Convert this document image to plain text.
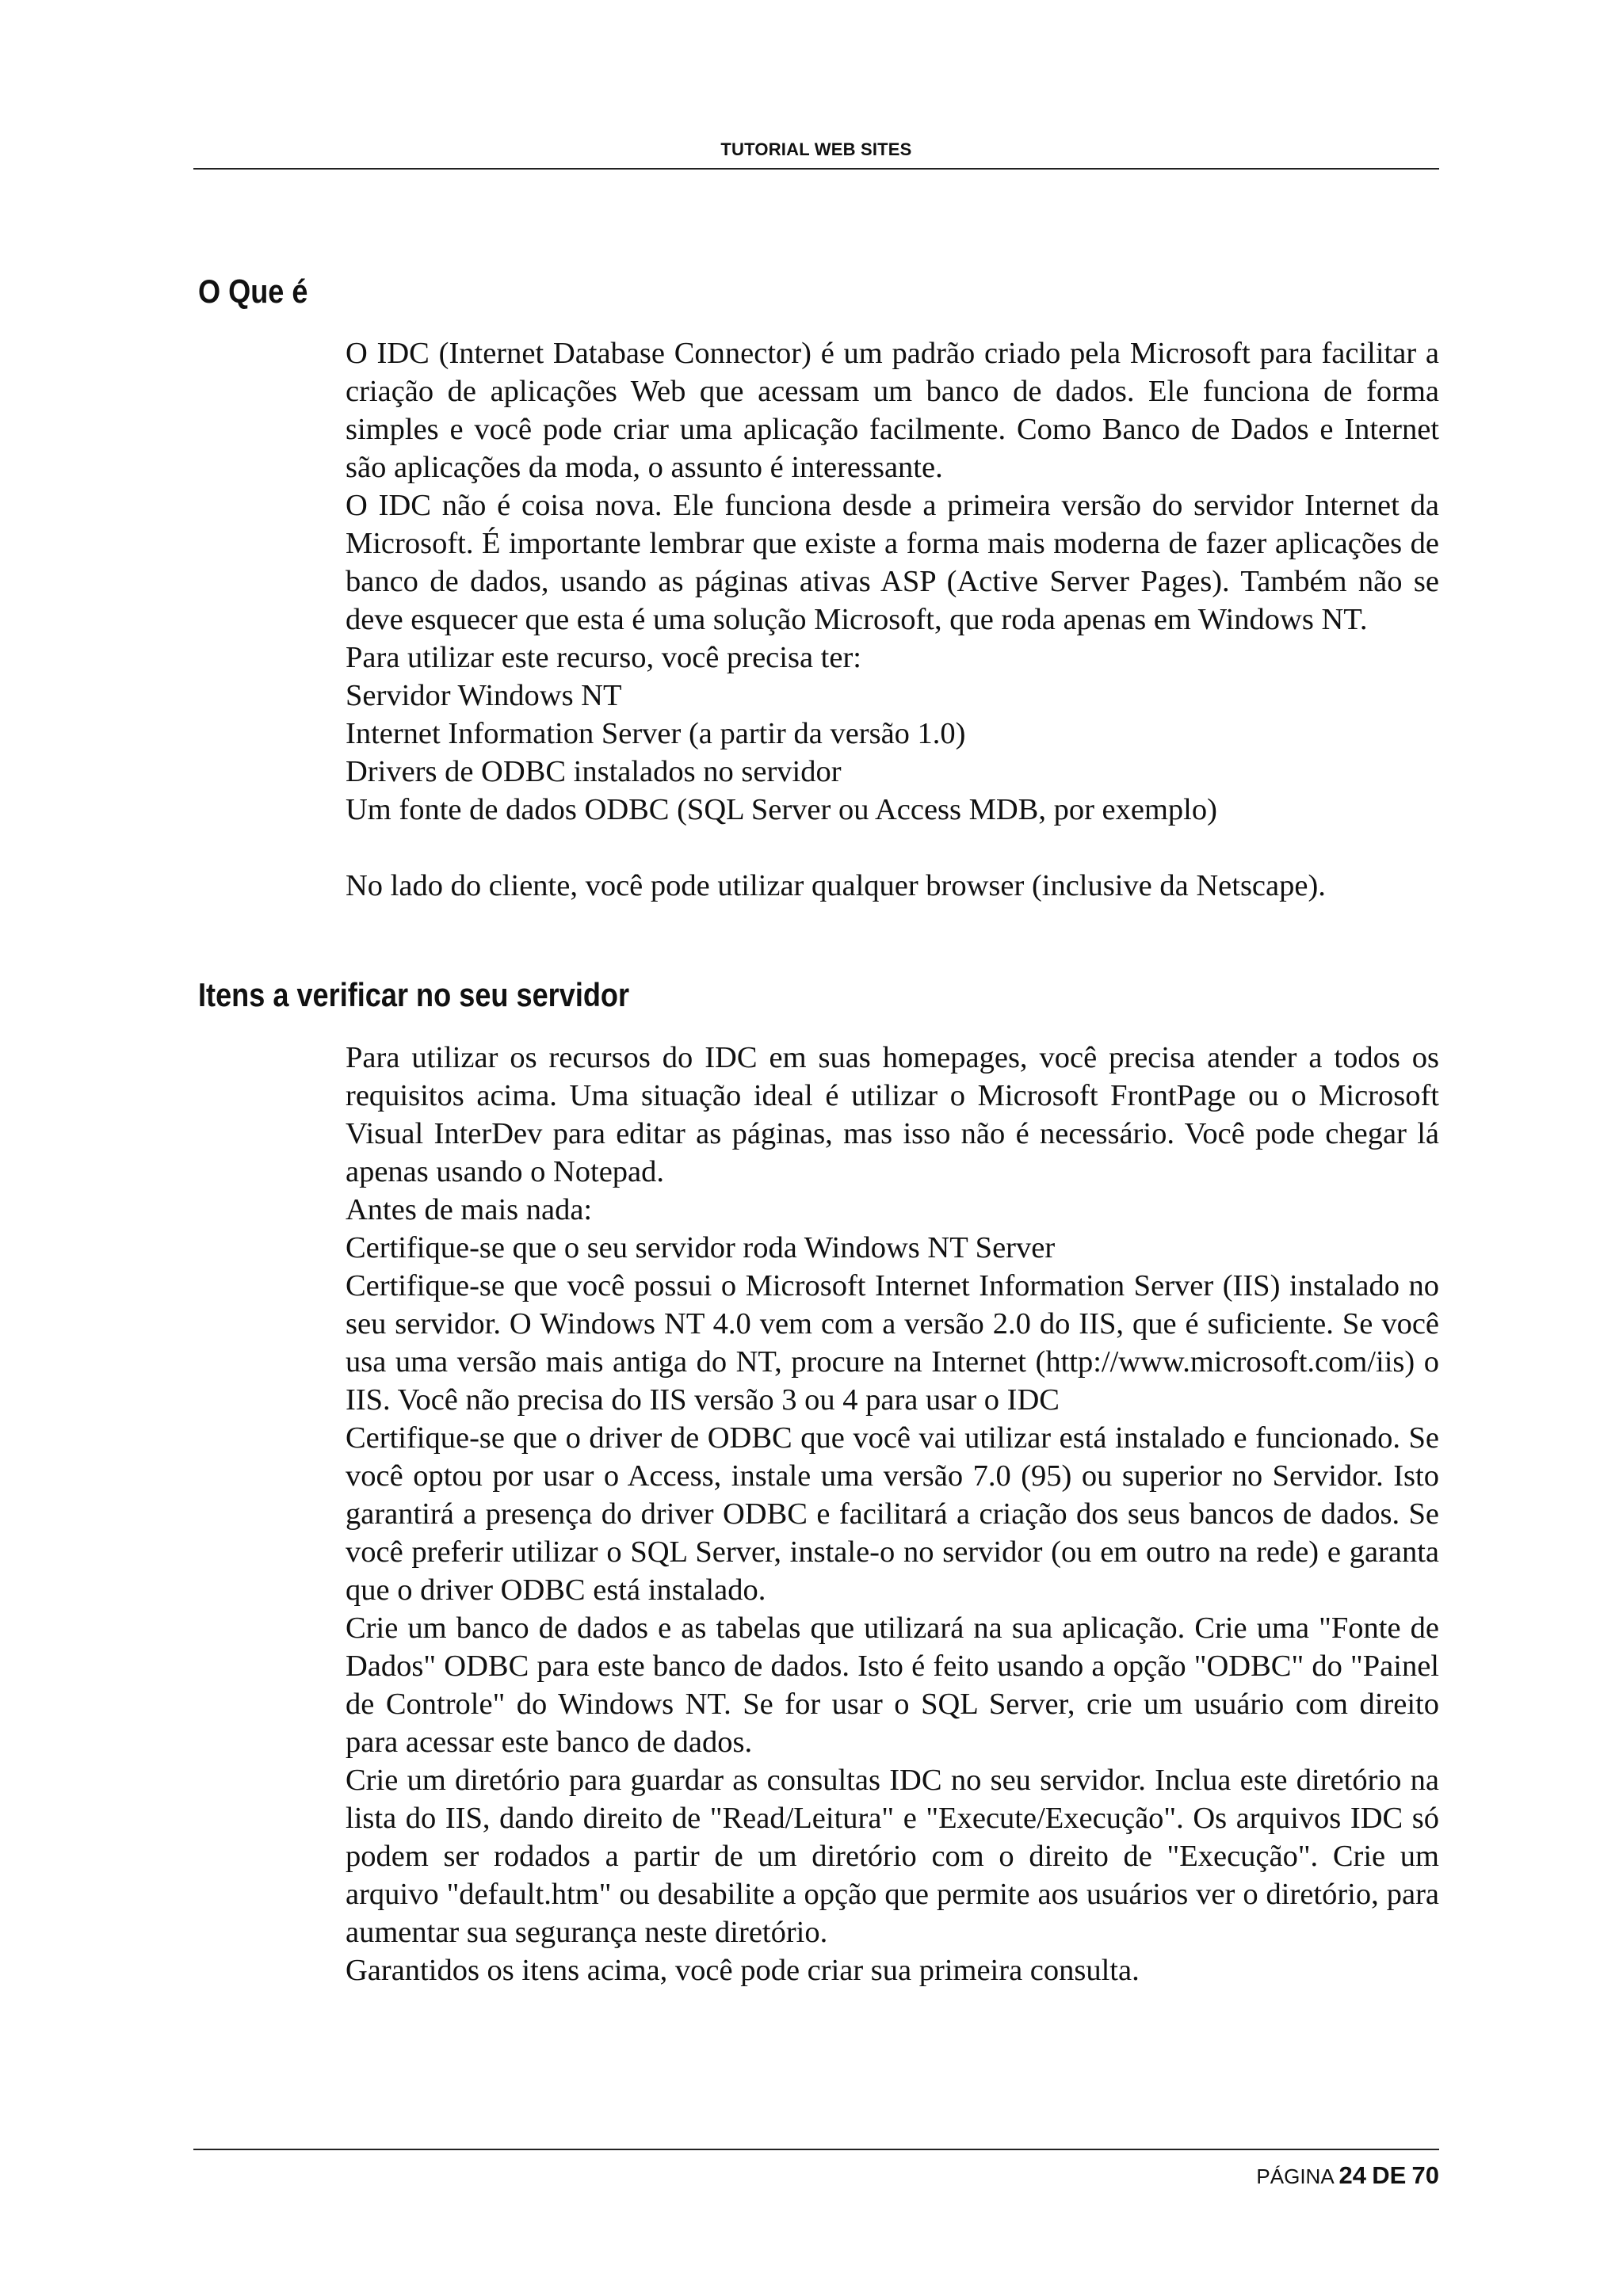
TUTORIAL WEB SITES
O Que é

O IDC (Internet Database Connector) é um padrão criado pela Microsoft para facilitar a criação de aplicações Web que acessam um banco de dados. Ele funciona de forma simples e você pode criar uma aplicação facilmente. Como Banco de Dados e Internet são aplicações da moda, o assunto é interessante.

O IDC não é coisa nova. Ele funciona desde a primeira versão do servidor Internet da Microsoft. É importante lembrar que existe a forma mais moderna de fazer aplicações de banco de dados, usando as páginas ativas ASP (Active Server Pages). Também não se deve esquecer que esta é uma solução Microsoft, que roda apenas em Windows NT.

Para utilizar este recurso, você precisa ter:

Servidor Windows NT

Internet Information Server (a partir da versão 1.0)

Drivers de ODBC instalados no servidor

Um fonte de dados ODBC (SQL Server ou Access MDB, por exemplo)

No lado do cliente, você pode utilizar qualquer browser (inclusive da Netscape).

Itens a verificar no seu servidor

Para utilizar os recursos do IDC em suas homepages, você precisa atender a todos os requisitos acima. Uma situação ideal é utilizar o Microsoft FrontPage ou o Microsoft Visual InterDev para editar as páginas, mas isso não é necessário. Você pode chegar lá apenas usando o Notepad.

Antes de mais nada:

Certifique-se que o seu servidor roda Windows NT Server

Certifique-se que você possui o Microsoft Internet Information Server (IIS) instalado no seu servidor. O Windows NT 4.0 vem com a versão 2.0 do IIS, que é suficiente. Se você usa uma versão mais antiga do NT, procure na Internet (http://www.microsoft.com/iis) o IIS. Você não precisa do IIS versão 3 ou 4 para usar o IDC

Certifique-se que o driver de ODBC que você vai utilizar está instalado e funcionado. Se você optou por usar o Access, instale uma versão 7.0 (95) ou superior no Servidor. Isto garantirá a presença do driver ODBC e facilitará a criação dos seus bancos de dados. Se você preferir utilizar o SQL Server, instale-o no servidor (ou em outro na rede) e garanta que o driver ODBC está instalado.

Crie um banco de dados e as tabelas que utilizará na sua aplicação. Crie uma "Fonte de Dados" ODBC para este banco de dados. Isto é feito usando a opção "ODBC" do "Painel de Controle" do Windows NT. Se for usar o SQL Server, crie um usuário com direito para acessar este banco de dados.

Crie um diretório para guardar as consultas IDC no seu servidor. Inclua este diretório na lista do IIS, dando direito de "Read/Leitura" e "Execute/Execução". Os arquivos IDC só podem ser rodados a partir de um diretório com o direito de "Execução". Crie um arquivo "default.htm" ou desabilite a opção que permite aos usuários ver o diretório, para aumentar sua segurança neste diretório.

Garantidos os itens acima, você pode criar sua primeira consulta.

PÁGINA 24 DE 70
